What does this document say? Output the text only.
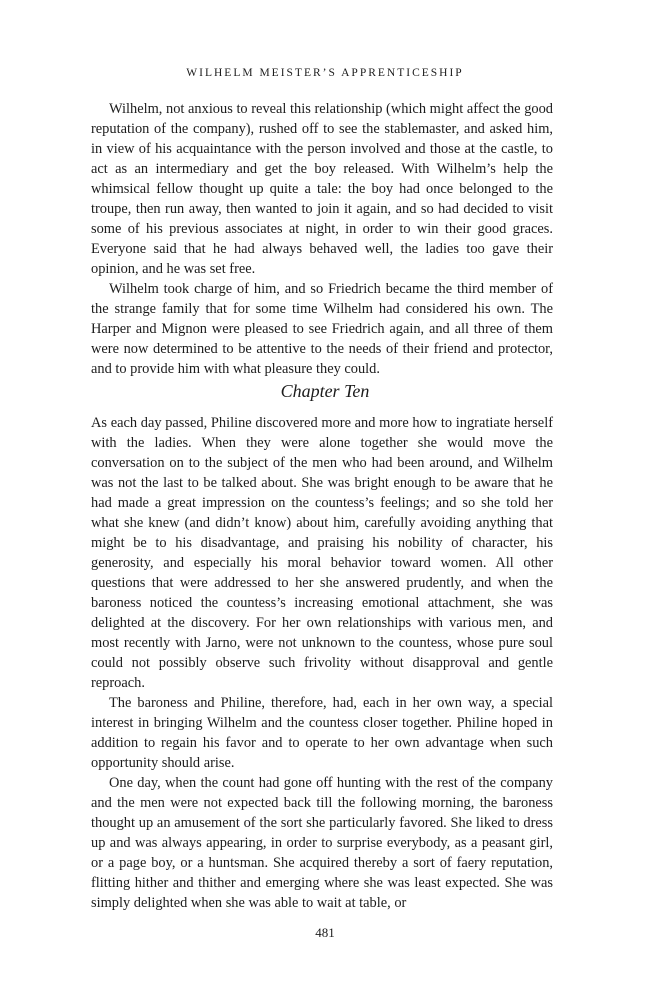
WILHELM MEISTER’S APPRENTICESHIP

Wilhelm, not anxious to reveal this relationship (which might affect the good reputation of the company), rushed off to see the stablemaster, and asked him, in view of his acquaintance with the person involved and those at the castle, to act as an intermediary and get the boy released. With Wilhelm’s help the whimsical fellow thought up quite a tale: the boy had once belonged to the troupe, then run away, then wanted to join it again, and so had decided to visit some of his previous associates at night, in order to win their good graces. Everyone said that he had always behaved well, the ladies too gave their opinion, and he was set free.

Wilhelm took charge of him, and so Friedrich became the third member of the strange family that for some time Wilhelm had considered his own. The Harper and Mignon were pleased to see Friedrich again, and all three of them were now determined to be attentive to the needs of their friend and protector, and to provide him with what pleasure they could.

Chapter Ten

As each day passed, Philine discovered more and more how to ingratiate herself with the ladies. When they were alone together she would move the conversation on to the subject of the men who had been around, and Wilhelm was not the last to be talked about. She was bright enough to be aware that he had made a great impression on the countess’s feelings; and so she told her what she knew (and didn’t know) about him, carefully avoiding anything that might be to his disadvantage, and praising his nobility of character, his generosity, and especially his moral behavior toward women. All other questions that were addressed to her she answered prudently, and when the baroness noticed the countess’s increasing emotional attachment, she was delighted at the discovery. For her own relationships with various men, and most recently with Jarno, were not unknown to the countess, whose pure soul could not possibly observe such frivolity without disapproval and gentle reproach.

The baroness and Philine, therefore, had, each in her own way, a special interest in bringing Wilhelm and the countess closer together. Philine hoped in addition to regain his favor and to operate to her own advantage when such opportunity should arise.

One day, when the count had gone off hunting with the rest of the company and the men were not expected back till the following morning, the baroness thought up an amusement of the sort she particularly favored. She liked to dress up and was always appearing, in order to surprise everybody, as a peasant girl, or a page boy, or a huntsman. She acquired thereby a sort of faery reputation, flitting hither and thither and emerging where she was least expected. She was simply delighted when she was able to wait at table, or

481
